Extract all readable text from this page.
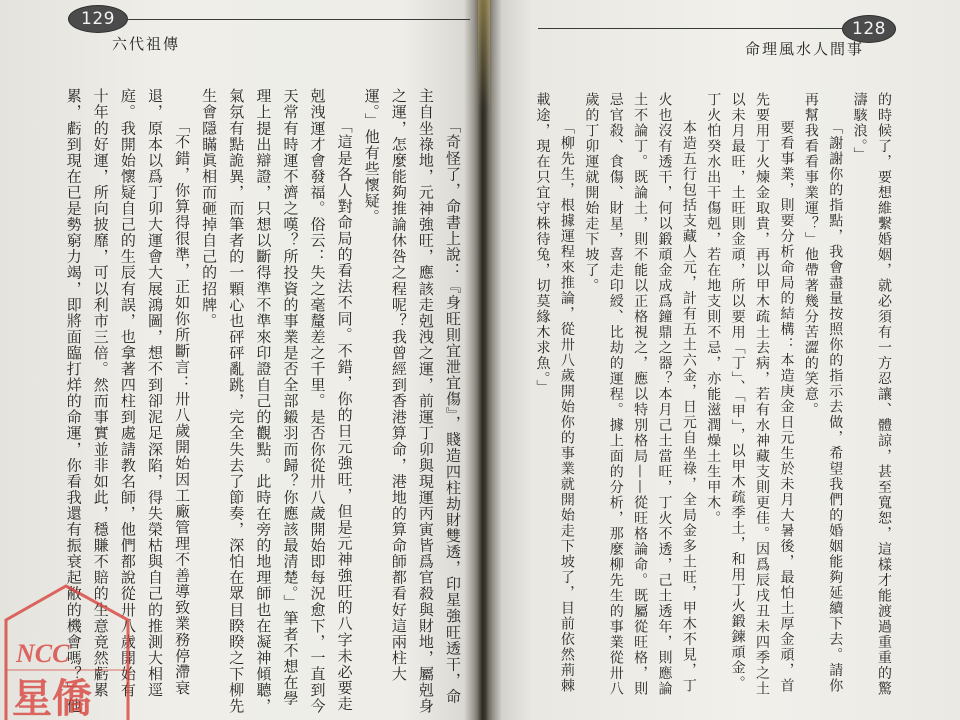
129
六代祖傳
「奇怪了，命書上說：『身旺則宜泄宜傷』，賤造四柱劫財雙透，印星強旺透干，命
主自坐祿地，元神強旺，應該走剋洩之運，前運丁卯與現運丙寅皆爲官殺與財地，屬剋身
之運，怎麼能夠推論休咎之程呢？我曾經到香港算命，港地的算命師都看好這兩柱大
運。」他有些懷疑。
「這是各人對命局的看法不同。不錯，你的日元強旺，但是元神強旺的八字未必要走
剋洩運才會發福。俗云：失之毫釐差之千里。是否你從卅八歲開始即每況愈下，一直到今
天常有時運不濟之嘆？所投資的事業是否全部鎩羽而歸？你應該最清楚。」筆者不想在學
理上提出辯證，只想以斷得準不準來印證自己的觀點。此時在旁的地理師也在凝神傾聽，
氣氛有點詭異，而筆者的一顆心也砰砰亂跳，完全失去了節奏，深怕在眾目睽睽之下柳先
生會隱瞞眞相而砸掉自己的招牌。
「不錯，你算得很準，正如你所斷言：卅八歲開始因工廠管理不善導致業務停滯衰
退，原本以爲丁卯大運會大展鴻圖，想不到卻泥足深陷，得失榮枯與自己的推測大相逕
庭。我開始懷疑自己的生辰有誤，也拿著四柱到處請教名師，他們都說從卅八歲開始有
十年的好運，所向披靡，可以利市三倍。然而事實並非如此，穩賺不賠的生意竟然虧累
累，虧到現在已是勢窮力竭，即將面臨打烊的命運，你看我還有振衰起敝的機會嗎？」他
128
命理風水人間事
的時候了，要想維繫婚姻，就必須有一方忍讓、體諒，甚至寬恕，這樣才能渡過重重的驚
濤駭浪。」
「謝謝你的指點，我會盡量按照你的指示去做，希望我們的婚姻能夠延續下去。請你
再幫我看看事業運？」他帶著幾分苦澀的笑意。
要看事業，則要分析命局的結構：本造庚金日元生於未月大暑後，最怕土厚金頑，首
先要用丁火煉金取貴，再以甲木疏土去病，若有水神藏支則更佳。因爲辰戌丑未四季之土
以未月最旺，土旺則金頑，所以要用「丁」、「甲」，以甲木疏季土，和用丁火鍛鍊頑金。
丁火怕癸水出干傷剋，若在地支則不忌，亦能滋潤燥土生甲木。
本造五行包括支藏人元，計有五土六金，日元自坐祿，全局金多土旺，甲木不見，丁
火也沒有透干，何以鍛頑金成爲鐘鼎之器？本月己土當旺，丁火不透，己土透年，則應論
土不論丁。既論土，則不能以正格視之，應以特別格局——從旺格論命。既屬從旺格，則
忌官殺、食傷、財星，喜走印綬、比劫的運程。據上面的分析，那麼柳先生的事業從卅八
歲的丁卯運就開始走下坡了。
「柳先生，根據運程來推論，從卅八歲開始你的事業就開始走下坡了，目前依然荊棘
載途，現在只宜守株待兔，切莫緣木求魚。」
NCC
星僑
